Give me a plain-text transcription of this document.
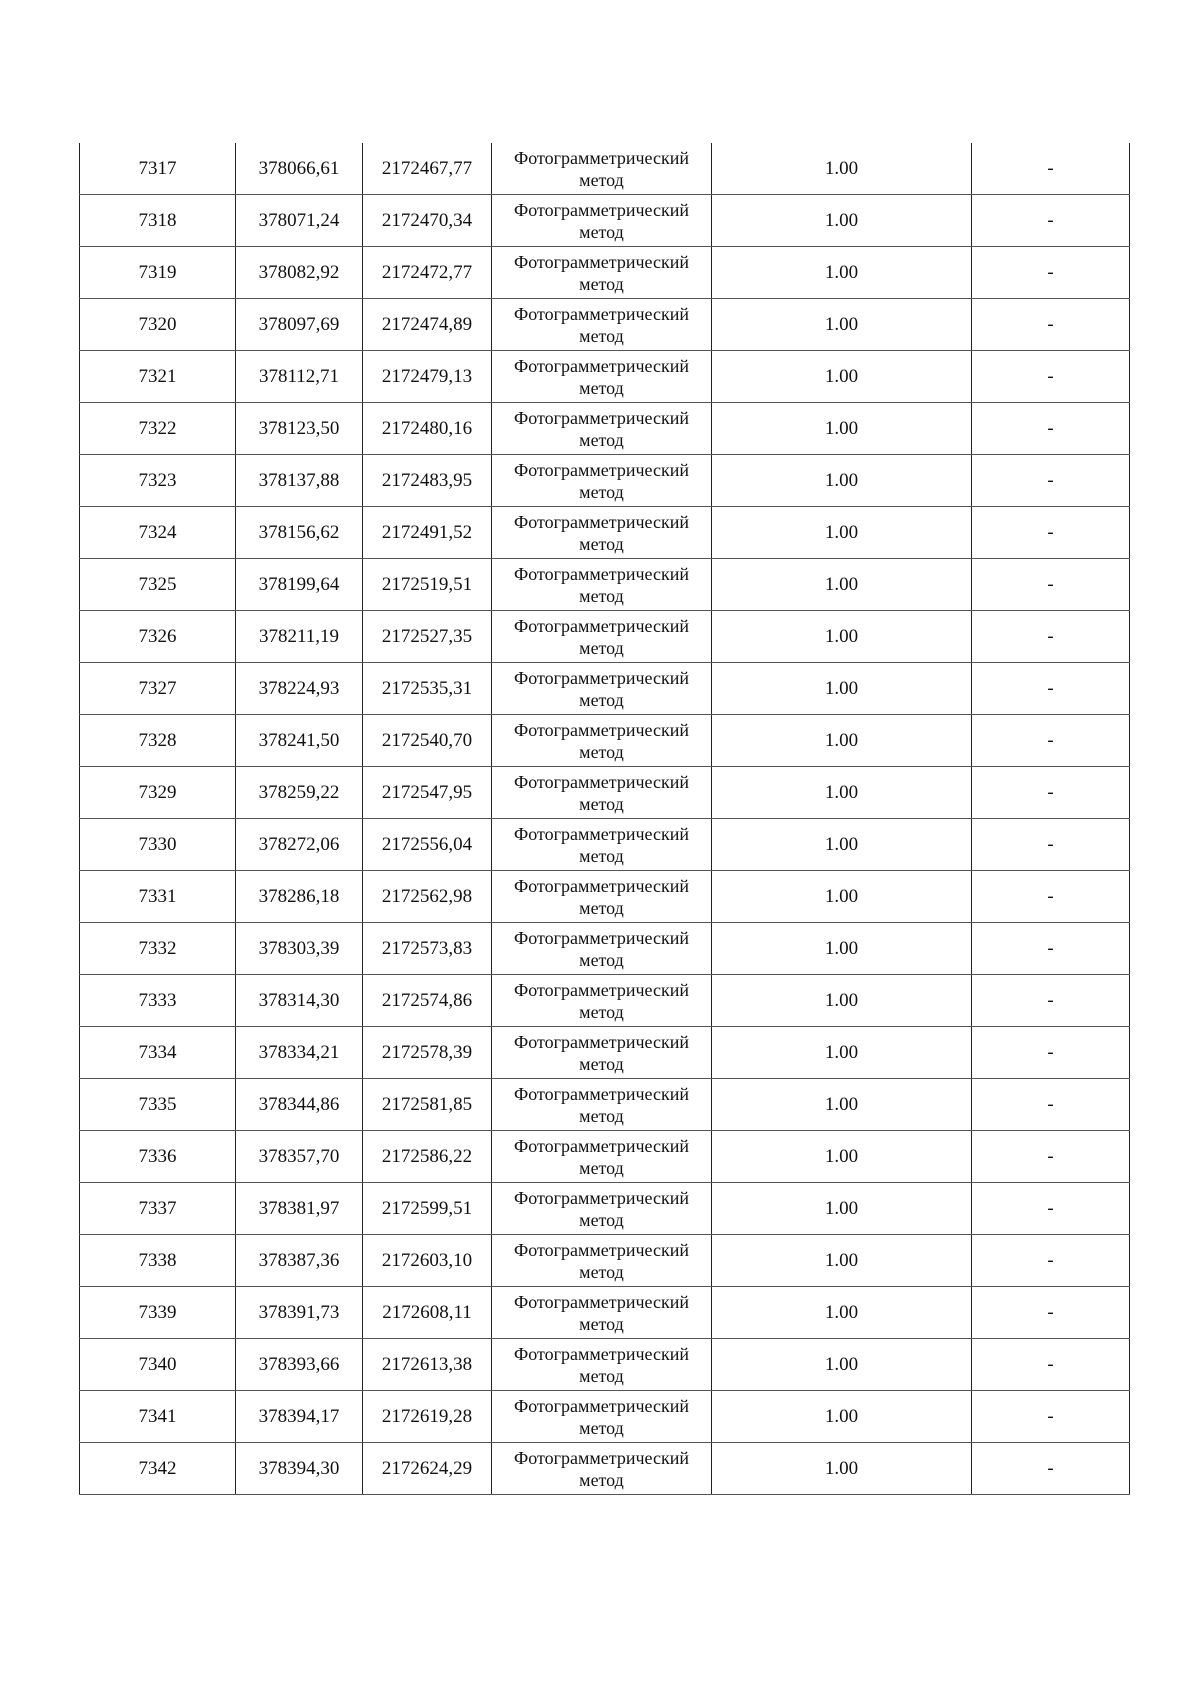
7317	378066,61	2172467,77	Фотограмметрический метод	1.00	-
7318	378071,24	2172470,34	Фотограмметрический метод	1.00	-
7319	378082,92	2172472,77	Фотограмметрический метод	1.00	-
7320	378097,69	2172474,89	Фотограмметрический метод	1.00	-
7321	378112,71	2172479,13	Фотограмметрический метод	1.00	-
7322	378123,50	2172480,16	Фотограмметрический метод	1.00	-
7323	378137,88	2172483,95	Фотограмметрический метод	1.00	-
7324	378156,62	2172491,52	Фотограмметрический метод	1.00	-
7325	378199,64	2172519,51	Фотограмметрический метод	1.00	-
7326	378211,19	2172527,35	Фотограмметрический метод	1.00	-
7327	378224,93	2172535,31	Фотограмметрический метод	1.00	-
7328	378241,50	2172540,70	Фотограмметрический метод	1.00	-
7329	378259,22	2172547,95	Фотограмметрический метод	1.00	-
7330	378272,06	2172556,04	Фотограмметрический метод	1.00	-
7331	378286,18	2172562,98	Фотограмметрический метод	1.00	-
7332	378303,39	2172573,83	Фотограмметрический метод	1.00	-
7333	378314,30	2172574,86	Фотограмметрический метод	1.00	-
7334	378334,21	2172578,39	Фотограмметрический метод	1.00	-
7335	378344,86	2172581,85	Фотограмметрический метод	1.00	-
7336	378357,70	2172586,22	Фотограмметрический метод	1.00	-
7337	378381,97	2172599,51	Фотограмметрический метод	1.00	-
7338	378387,36	2172603,10	Фотограмметрический метод	1.00	-
7339	378391,73	2172608,11	Фотограмметрический метод	1.00	-
7340	378393,66	2172613,38	Фотограмметрический метод	1.00	-
7341	378394,17	2172619,28	Фотограмметрический метод	1.00	-
7342	378394,30	2172624,29	Фотограмметрический метод	1.00	-
